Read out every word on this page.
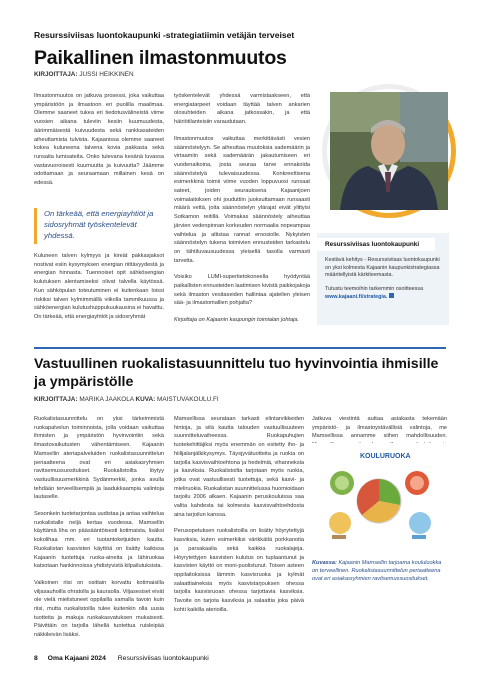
Resurssiviisas luontokaupunki -strategiatiimin vetäjän terveiset
Paikallinen ilmastonmuutos
KIRJOITTAJA: JUSSI HEIKKINEN

Ilmastonmuutos on jatkuva prosessi, joka vaikuttaa ympäristöön ja ilmastoon eri puolilla maailmaa. Olemme saaneet tukea eri tiedotusvälineistä viime vuosien aikana tuleviin kesiin kuumuudesta, äärimmäisestä kuivuudesta sekä rankkasateiden aiheuttamista tulvista. Kajaanissa olemme saaneet kokea kuluneena talvena kovia pakkasia sekä runsaita lumisateita. Onko tulevana kesänä luvassa vastavuoroisesti kuumuutta ja kuivuutta? Jäämme odottamaan ja seuraamaan millainen kesä on edessä.

On tärkeää, että energiayhtiöt ja sidosryhmät työskentelevät yhdessä.

Kuluneen talven kylmyys ja kireät pakkasjaksot nostivat esiin kysymyksen energian riittävyydestä ja energian hinnasta. Tuennoiset opit sähkösengian kulutuksen alentamiseksi olivat talvella käytössä. Kun sähköpulan toteutuminen ei kuitenkaan loissi riskiksi talven kylmimmällä viikolla tammikuussa ja sähköenergian kulutushuippukuukausina ei havaittu. On tärkeää, että energiayhtiöt ja sidosryhmät

työskentelevät yhdessä varmistaakseen, että energiatarpeet voidaan täyttää talven ankarien olosuhteiden aikana jatkossakin, ja että häiriötilanteisiin varaudutaan.

Ilmastonmuutos vaikuttaa merkittävästi vesien säännöstelyyn. Se aiheuttaa muutoksia sademäärin ja virtaamiin sekä sademäärän jakautumiseen eri vuodenaikoina, josta seuraa tarve ennakoida säännöstelyä tulevaisuudessa. Konkreettisena esimerkkinä toimii viime vuoden loppuvuosi runsaat sateet, joiden seurauksena Kajaanijoen voimalaitoksen ohi jouduttiin juoksuttamaan runsaasti määrä vettä, joita säännöstelyn ylärajat eivät ylittyisi Sotkamon reitillä. Voimakas säännöstely aiheuttaa järvien vedenpinnan korkeuden normaalia nopeampaa vaihtelua ja altistaa rannat eroosiolle. Nykyisten säännöstelyn tukena toimivien ennusteiden tarkastelu on tähtiluvausuudessa yleisellä tasolla varmasti tarvetta.

Voisiko LUMI-supertietokoneella hyödyntää paikallisten ennusteiden laatimisen kivistä paikkojakoja sekä ilmaston vesitaseiden hallintaa ajatellen yleisen sää- ja ilmastomallien pohjalta?

Kirjoittaja on Kajaanin kaupungin toimialan johtaja.

Resurssiviisas luontokaupunki

Kestävä kehitys - Resurssiviisas luontokaupunki on yksi kolmesta Kajaanin kaupunkistrategiassa määritellyistä kärkiteemasta.

Tutustu teemoihin tarkemmin osoitteessa www.kajaani.fi/strategia.

Vastuullinen ruokalistasuunnittelu tuo hyvinvointia ihmisille ja ympäristölle
KIRJOITTAJA: MARIKA JAAKOLA KUVA: MAISTUVAKOULU.FI

Ruokalistasuunnittelu on yksi tärkeimmistä ruokapalvelun toiminnoista, jolla voidaan vaikuttaa ihmisten ja ympäristön hyvinvointiin sekä ilmastovaikutusten vähentämiseen. Kajaanin Mamsellin ateriapalveluiden ruokalistasuunnittelun periaatteena ovat eri asiakasryhmien ravitsemussuositukset. Ruokalistoilta löytyy vastuullisuusmerkkinä Sydänmerkki, jonka avulla tehdään terveellisempiä ja laadukkaampia valintoja lautaselle.

Sesonkein tuotetarjontaa uudistaa ja antaa vaihtelua ruokalistalle neljä kertaa vuodessa. Mamsellin käyttämä liha on pääsääntöisesti kotimaista, lisäksi kokolihaa mm. eri tuotantoketjuiden kautta. Ruokalistan kasvisten käyttöä on lisätty kaikissa Kajaanin tuotettuja ruoka-aineita ja lähiruokaa katsotaan hankinnoissa yhdistyvistä kilpailutuksista.

Valkoinen riisi on osittain korvattu kotimaisilla viljasauhoilla ohratolla ja kauraolla. Viljasesiset eivät ole vielä mielistuneet oppilailla samalla tavoin kuin riisi, mutta ruokalistoilla tulee kuitenkin olla uusia tuotteita ja makuja ruokakasvatuksen mukaisesti. Päivittäin on tarjolla lähellä tuotettua ruisleipää näkkileivän lisäksi.

Mamsellissa seurataan tarkasti elintarvikkeiden hintoja, ja sitä kautta talouden vastuullisuuteen suunnitteluvaiheessa. Ruokapuhujien tuotekehittäjiksi myös enemmän on esitetty iho- ja hiilijalanjälkikysymys. Täysjyvätuotteita ja ruokia on tarjolla kasvisvaihtoehtona ja hedelmiä, vihanneksia ja kasviksia. Ruokalistoilta tarjotaan myös ruokia, jotka ovat vastuullisesti tuotettuja, sekä kasvi- ja mieliruokia. Ruokalistan suunnittelussa huomioidaan tarjoilu 2006 alkaen. Kajaanin peruskouluissa saa valita kahdesta tai kolmesta kasvisvaihtoehdosta aina tarjoilun kanssa.

Perusopetuksen ruokalistoilla on lisätty höyrytettyjä kasviksia, kuten esimerkiksi värikkäitä porkkanoita ja parsakaalia sekä kaikkia ruokalajeja. Höyrytettyjen kasvisten kulutus on tuplaantunut ja kasvisten käyttö on moni-puolistunut. Toisen asteen oppilaitoksissa lämmin kasvisruoka ja kylmät salaattiaineksia myös kasvistarjouksen ohessa tarjolla kasvisruoan ohessa tarjottavia kasviksia. Tavoite on tarjota kasviksia ja salaattia joka päivä kohti kaikilla aterioilla.

Jatkuva viestintä auttaa asiakasta tekemään ympäristö- ja ilmastoystävällisiä valintoja, me Mamsellissa annamme siihen mahdollisuuden.

KOULURUOKA
Kuvassa: Kajaanin Mamsellin tarjoama koululuokka on terveellinen. Ruokalistasuunnittelun periaatteena ovat eri asiakasryhmien ravitsemussuositukset.
8 Oma Kajaani 2024 Resurssiviisas luontokaupunki
